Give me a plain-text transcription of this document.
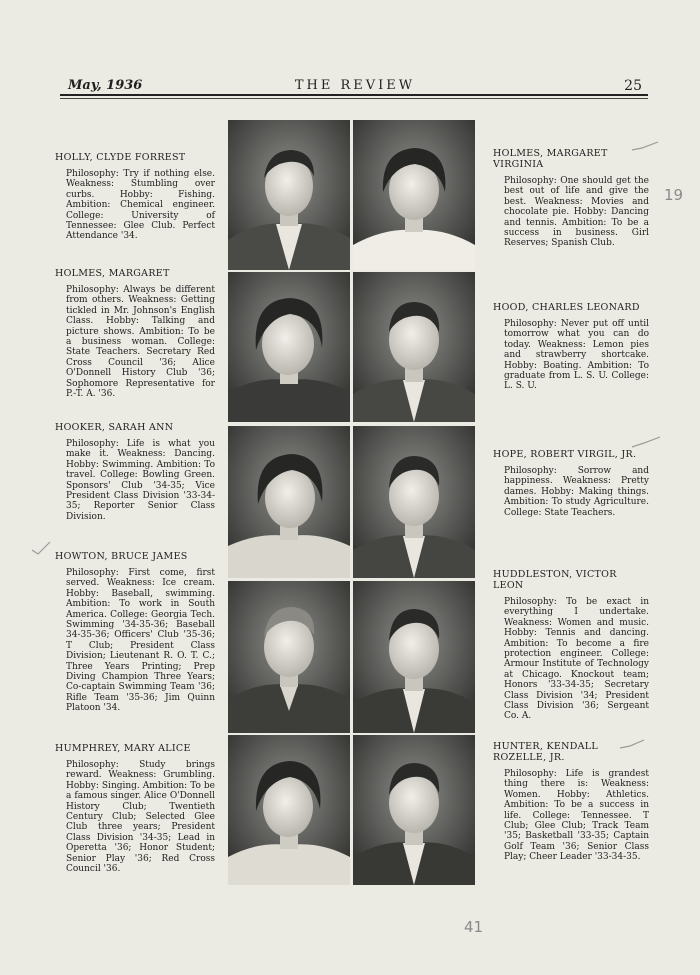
May, 1936	THE REVIEW	25
HOLLY, CLYDE FORREST
Philosophy: Try if nothing else. Weakness: Stumbling over curbs. Hobby: Fishing. Ambition: Chemical engineer. College: University of Tennessee: Glee Club. Perfect Attendance '34.
HOLMES, MARGARET
Philosophy: Always be different from others. Weakness: Getting tickled in Mr. Johnson's English Class. Hobby: Talking and picture shows. Ambition: To be a business woman. College: State Teachers. Secretary Red Cross Council '36; Alice O'Donnell History Club '36; Sophomore Representative for P.-T. A. '36.
HOOKER, SARAH ANN
Philosophy: Life is what you make it. Weakness: Dancing. Hobby: Swimming. Ambition: To travel. College: Bowling Green. Sponsors' Club '34-35; Vice President Class Division '33-34-35; Reporter Senior Class Division.
HOWTON, BRUCE JAMES
Philosophy: First come, first served. Weakness: Ice cream. Hobby: Baseball, swimming. Ambition: To work in South America. College: Georgia Tech. Swimming '34-35-36; Baseball 34-35-36; Officers' Club '35-36; T Club; President Class Division; Lieutenant R. O. T. C.; Three Years Printing; Prep Diving Champion Three Years; Co-captain Swimming Team '36; Rifle Team '35-36; Jim Quinn Platoon '34.
HUMPHREY, MARY ALICE
Philosophy: Study brings reward. Weakness: Grumbling. Hobby: Singing. Ambition: To be a famous singer. Alice O'Donnell History Club; Twentieth Century Club; Selected Glee Club three years; President Class Division '34-35; Lead in Operetta '36; Honor Student; Senior Play '36; Red Cross Council '36.
HOLMES, MARGARET VIRGINIA
Philosophy: One should get the best out of life and give the best. Weakness: Movies and chocolate pie. Hobby: Dancing and tennis. Ambition: To be a success in business. Girl Reserves; Spanish Club.
HOOD, CHARLES LEONARD
Philosophy: Never put off until tomorrow what you can do today. Weakness: Lemon pies and strawberry shortcake. Hobby: Boating. Ambition: To graduate from L. S. U. College: L. S. U.
HOPE, ROBERT VIRGIL, JR.
Philosophy: Sorrow and happiness. Weakness: Pretty dames. Hobby: Making things. Ambition: To study Agriculture. College: State Teachers.
HUDDLESTON, VICTOR LEON
Philosophy: To be exact in everything I undertake. Weakness: Women and music. Hobby: Tennis and dancing. Ambition: To become a fire protection engineer. College: Armour Institute of Technology at Chicago. Knockout team; Honors '33-34-35; Secretary Class Division '34; President Class Division '36; Sergeant Co. A.
HUNTER, KENDALL ROZELLE, JR.
Philosophy: Life is grandest thing there is: Weakness: Women. Hobby: Athletics. Ambition: To be a success in life. College: Tennessee. T Club; Glee Club; Track Team '35; Basketball '33-35; Captain Golf Team '36; Senior Class Play; Cheer Leader '33-34-35.
19
41
